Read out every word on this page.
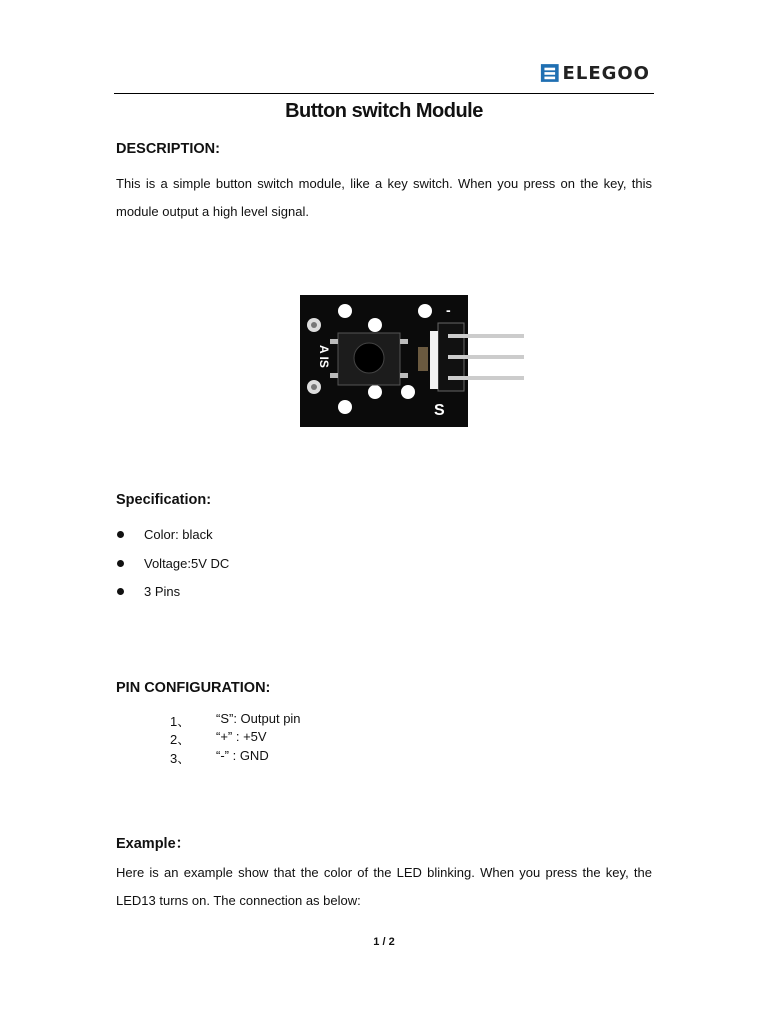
ELEGOO
Button switch Module
DESCRIPTION:
This is a simple button switch module, like a key switch. When you press on the key, this module output a high level signal.
-
S
A IS
Specification:
Color: black
Voltage:5V DC
3 Pins
PIN CONFIGURATION:
1、	“S”: Output pin
2、	“+” : +5V
3、	“-” : GND
Example：
Here is an example show that the color of the LED blinking. When you press the key, the LED13 turns on. The connection as below:
1 / 2
